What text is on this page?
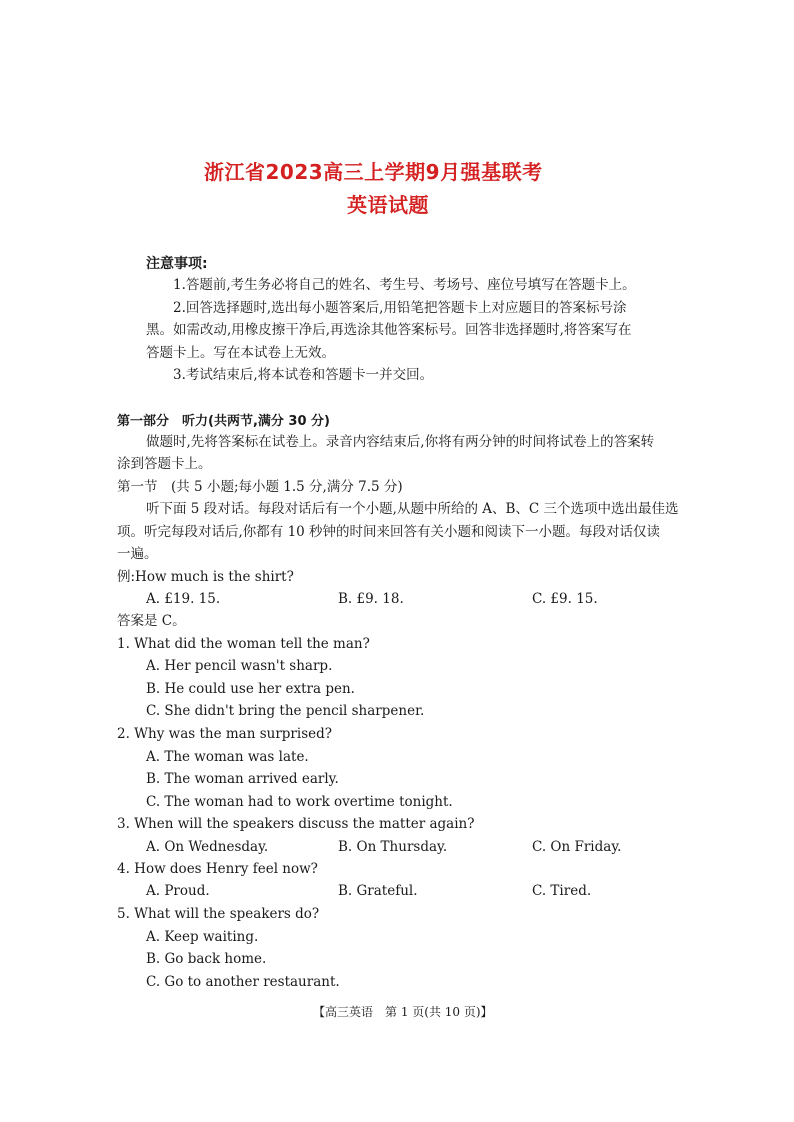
浙江省2023高三上学期9月强基联考
英语试题
注意事项:
1.答题前,考生务必将自己的姓名、考生号、考场号、座位号填写在答题卡上。
2.回答选择题时,选出每小题答案后,用铅笔把答题卡上对应题目的答案标号涂
黑。如需改动,用橡皮擦干净后,再选涂其他答案标号。回答非选择题时,将答案写在
答题卡上。写在本试卷上无效。
3.考试结束后,将本试卷和答题卡一并交回。
第一部分　听力(共两节,满分 30 分)
做题时,先将答案标在试卷上。录音内容结束后,你将有两分钟的时间将试卷上的答案转
涂到答题卡上。
第一节　(共 5 小题;每小题 1.5 分,满分 7.5 分)
听下面 5 段对话。每段对话后有一个小题,从题中所给的 A、B、C 三个选项中选出最佳选
项。听完每段对话后,你都有 10 秒钟的时间来回答有关小题和阅读下一小题。每段对话仅读
一遍。
例:How much is the shirt?
A. £19. 15.	B. £9. 18.	C. £9. 15.
答案是 C。
1. What did the woman tell the man?
A. Her pencil wasn't sharp.
B. He could use her extra pen.
C. She didn't bring the pencil sharpener.
2. Why was the man surprised?
A. The woman was late.
B. The woman arrived early.
C. The woman had to work overtime tonight.
3. When will the speakers discuss the matter again?
A. On Wednesday.	B. On Thursday.	C. On Friday.
4. How does Henry feel now?
A. Proud.	B. Grateful.	C. Tired.
5. What will the speakers do?
A. Keep waiting.
B. Go back home.
C. Go to another restaurant.
【高三英语　第 1 页(共 10 页)】
